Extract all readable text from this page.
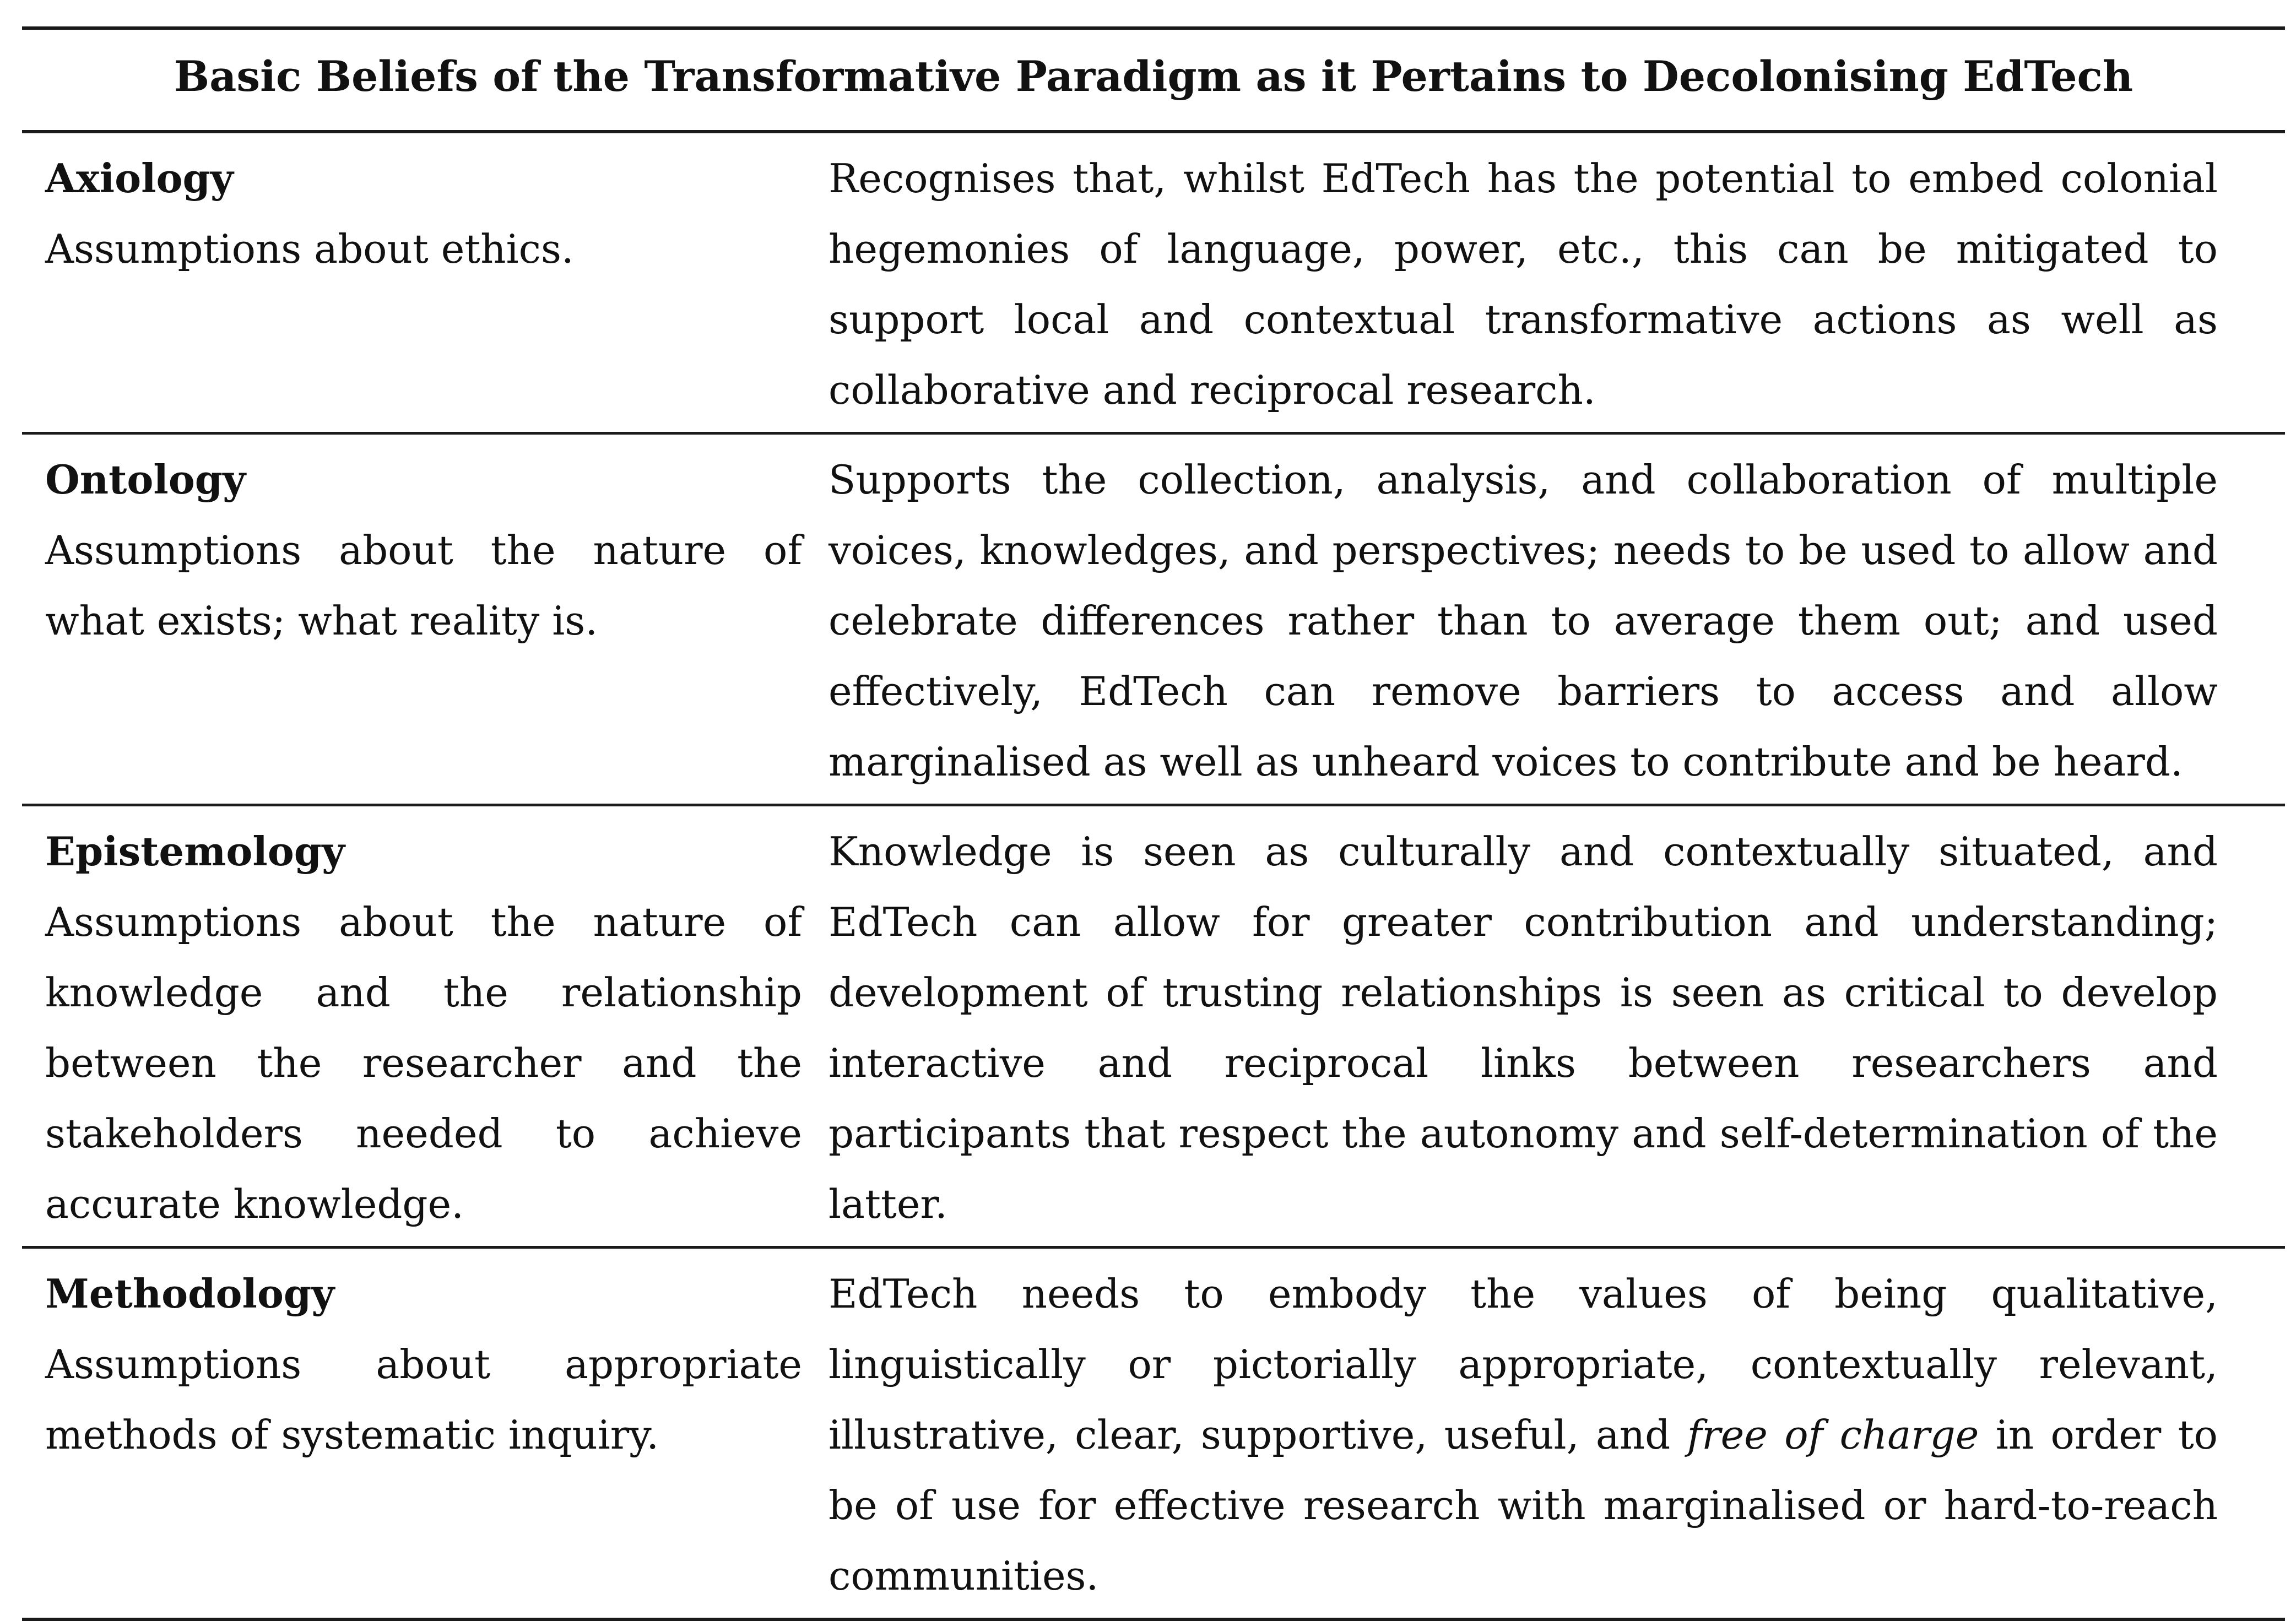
Basic Beliefs of the Transformative Paradigm as it Pertains to Decolonising EdTech
Axiology
Assumptions about ethics.
Recognises that, whilst EdTech has the potential to embed colonial hegemonies of language, power, etc., this can be mitigated to support local and contextual transformative actions as well as collaborative and reciprocal research.
Ontology
Assumptions about the nature of what exists; what reality is.
Supports the collection, analysis, and collaboration of multiple voices, knowledges, and perspectives; needs to be used to allow and celebrate differences rather than to average them out; and used effectively, EdTech can remove barriers to access and allow marginalised as well as unheard voices to contribute and be heard.
Epistemology
Assumptions about the nature of knowledge and the relationship between the researcher and the stakeholders needed to achieve accurate knowledge.
Knowledge is seen as culturally and contextually situated, and EdTech can allow for greater contribution and understanding; development of trusting relationships is seen as critical to develop interactive and reciprocal links between researchers and participants that respect the autonomy and self-determination of the latter.
Methodology
Assumptions about appropriate methods of systematic inquiry.
EdTech needs to embody the values of being qualitative, linguistically or pictorially appropriate, contextually relevant, illustrative, clear, supportive, useful, and free of charge in order to be of use for effective research with marginalised or hard-to-reach communities.
